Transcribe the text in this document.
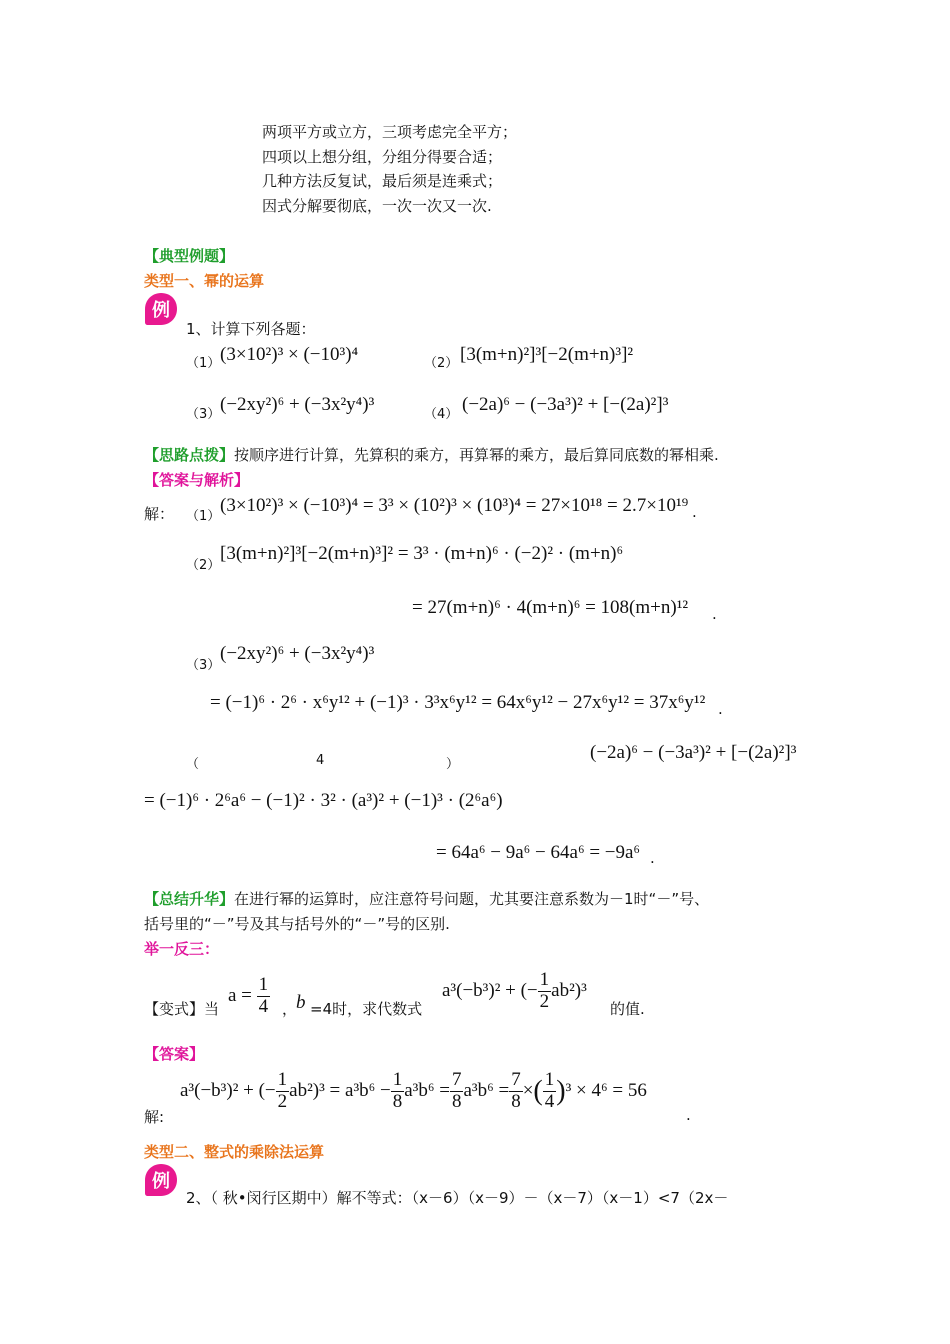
两项平方或立方，三项考虑完全平方；
四项以上想分组，分组分得要合适；
几种方法反复试，最后须是连乘式；
因式分解要彻底，一次一次又一次.
【典型例题】
类型一、幂的运算
例
1、计算下列各题：
（1） (3×10²)³ × (−10³)⁴	（2） [3(m+n)²]³[−2(m+n)³]²
（3） (−2xy²)⁶ + (−3x²y⁴)³	（4） (−2a)⁶ − (−3a³)² + [−(2a)²]³
【思路点拨】按顺序进行计算，先算积的乘方，再算幂的乘方，最后算同底数的幂相乘.
【答案与解析】
解： （1）
(3×10²)³ × (−10³)⁴ = 3³ × (10²)³ × (10³)⁴ = 27×10¹⁸ = 2.7×10¹⁹ .
（2）
[3(m+n)²]³[−2(m+n)³]² = 3³ · (m+n)⁶ · (−2)² · (m+n)⁶
= 27(m+n)⁶ · 4(m+n)⁶ = 108(m+n)¹² .
（3）
(−2xy²)⁶ + (−3x²y⁴)³
= (−1)⁶ · 2⁶ · x⁶y¹² + (−1)³ · 3³x⁶y¹² = 64x⁶y¹² − 27x⁶y¹² = 37x⁶y¹² .
（	4	）
(−2a)⁶ − (−3a³)² + [−(2a)²]³
= (−1)⁶ · 2⁶a⁶ − (−1)² · 3² · (a³)² + (−1)³ · (2⁶a⁶)
= 64a⁶ − 9a⁶ − 64a⁶ = −9a⁶ .
【总结升华】在进行幂的运算时，应注意符号问题，尤其要注意系数为－1时“－”号、
括号里的“－”号及其与括号外的“－”号的区别.
举一反三：
【变式】当
$a = \frac{1}{4}$ ，
b =4时，求代数式
a³(−b³)² + (− $\frac{1}{2} ab^2)^3$
的值.
【答案】
解:
a³(−b³)² + (− $\frac{1}{2} ab^2)^3 = a^3b^6 - \frac{1}{8} a^3b^6 = \frac{7}{8} a^3b^6 = \frac{7}{8}$ ×( $\frac{1}{4} )^3 \times 4^6 = 56$
.
类型二、整式的乘除法运算
例
2、（ 秋•闵行区期中）解不等式：（x－6）（x－9）－（x－7）（x－1）<7（2x－
